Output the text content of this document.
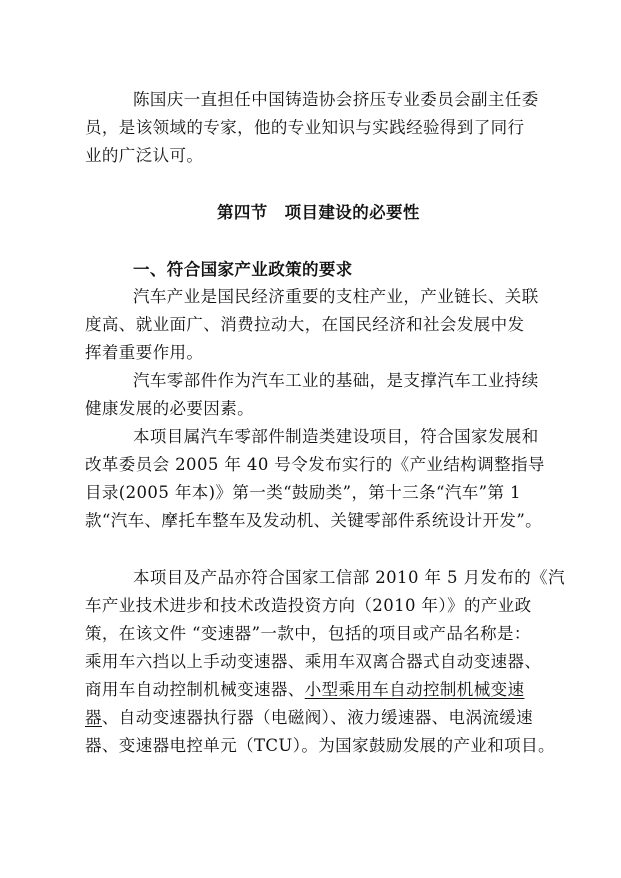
陈国庆一直担任中国铸造协会挤压专业委员会副主任委
员，是该领域的专家，他的专业知识与实践经验得到了同行
业的广泛认可。
第四节　项目建设的必要性
一、符合国家产业政策的要求
汽车产业是国民经济重要的支柱产业，产业链长、关联
度高、就业面广、消费拉动大，在国民经济和社会发展中发
挥着重要作用。
汽车零部件作为汽车工业的基础，是支撑汽车工业持续
健康发展的必要因素。
本项目属汽车零部件制造类建设项目，符合国家发展和
改革委员会 2005 年 40 号令发布实行的《产业结构调整指导
目录(2005 年本)》第一类“鼓励类”，第十三条“汽车”第 1
款“汽车、摩托车整车及发动机、关键零部件系统设计开发”。
本项目及产品亦符合国家工信部 2010 年 5 月发布的《汽
车产业技术进步和技术改造投资方向（2010 年）》的产业政
策，在该文件 “变速器”一款中，包括的项目或产品名称是：
乘用车六挡以上手动变速器、乘用车双离合器式自动变速器、
商用车自动控制机械变速器、小型乘用车自动控制机械变速
器、自动变速器执行器（电磁阀）、液力缓速器、电涡流缓速
器、变速器电控单元（TCU）。为国家鼓励发展的产业和项目。
